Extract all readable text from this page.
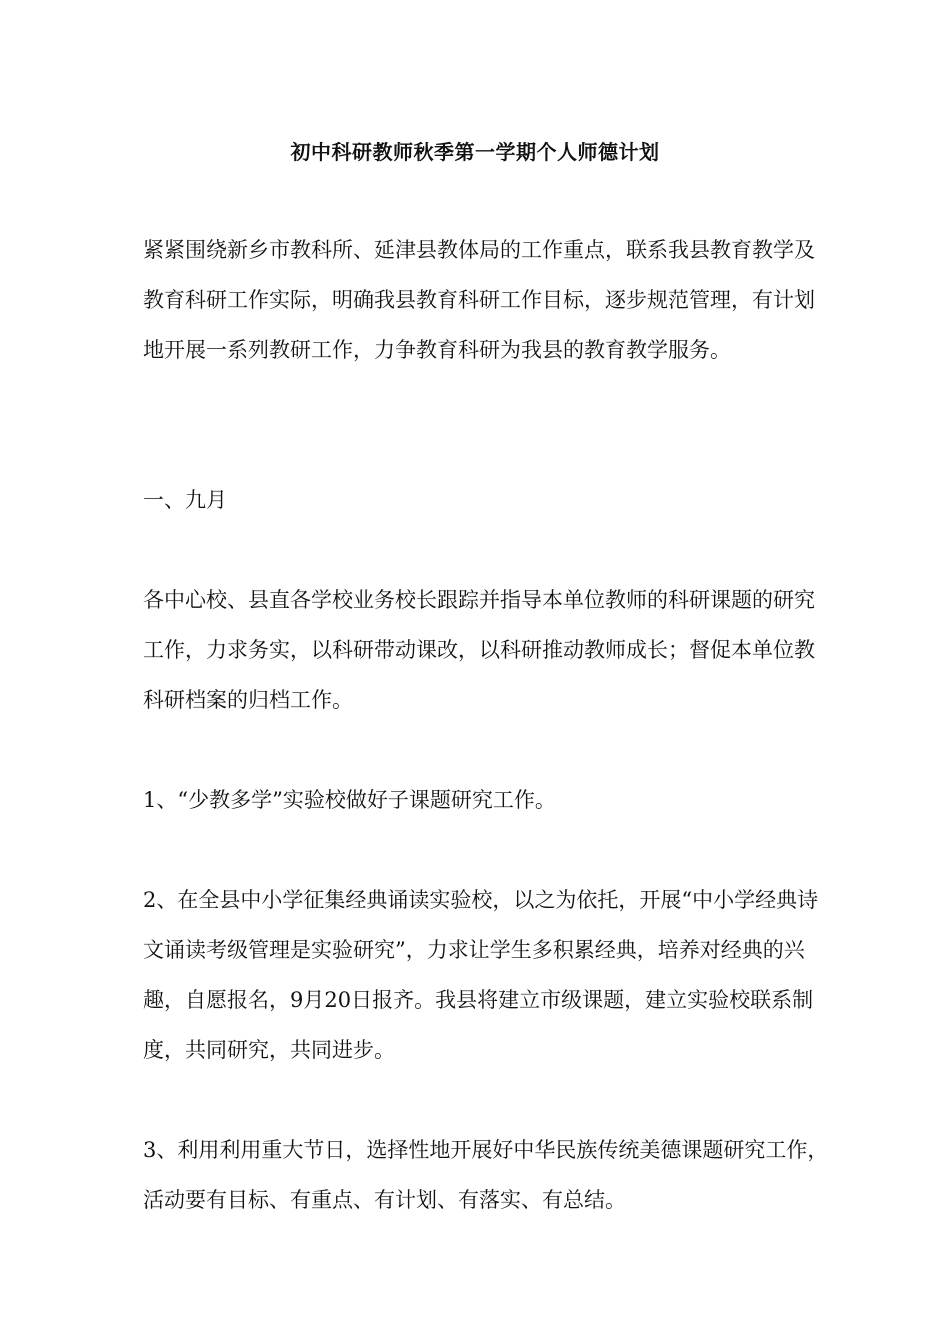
初中科研教师秋季第一学期个人师德计划

紧紧围绕新乡市教科所、延津县教体局的工作重点，联系我县教育教学及教育科研工作实际，明确我县教育科研工作目标，逐步规范管理，有计划地开展一系列教研工作，力争教育科研为我县的教育教学服务。

一、九月

各中心校、县直各学校业务校长跟踪并指导本单位教师的科研课题的研究工作，力求务实，以科研带动课改，以科研推动教师成长；督促本单位教科研档案的归档工作。

1、“少教多学”实验校做好子课题研究工作。

2、在全县中小学征集经典诵读实验校，以之为依托，开展“中小学经典诗文诵读考级管理是实验研究”，力求让学生多积累经典，培养对经典的兴趣，自愿报名，9月20日报齐。我县将建立市级课题，建立实验校联系制度，共同研究，共同进步。

3、利用利用重大节日，选择性地开展好中华民族传统美德课题研究工作，活动要有目标、有重点、有计划、有落实、有总结。
